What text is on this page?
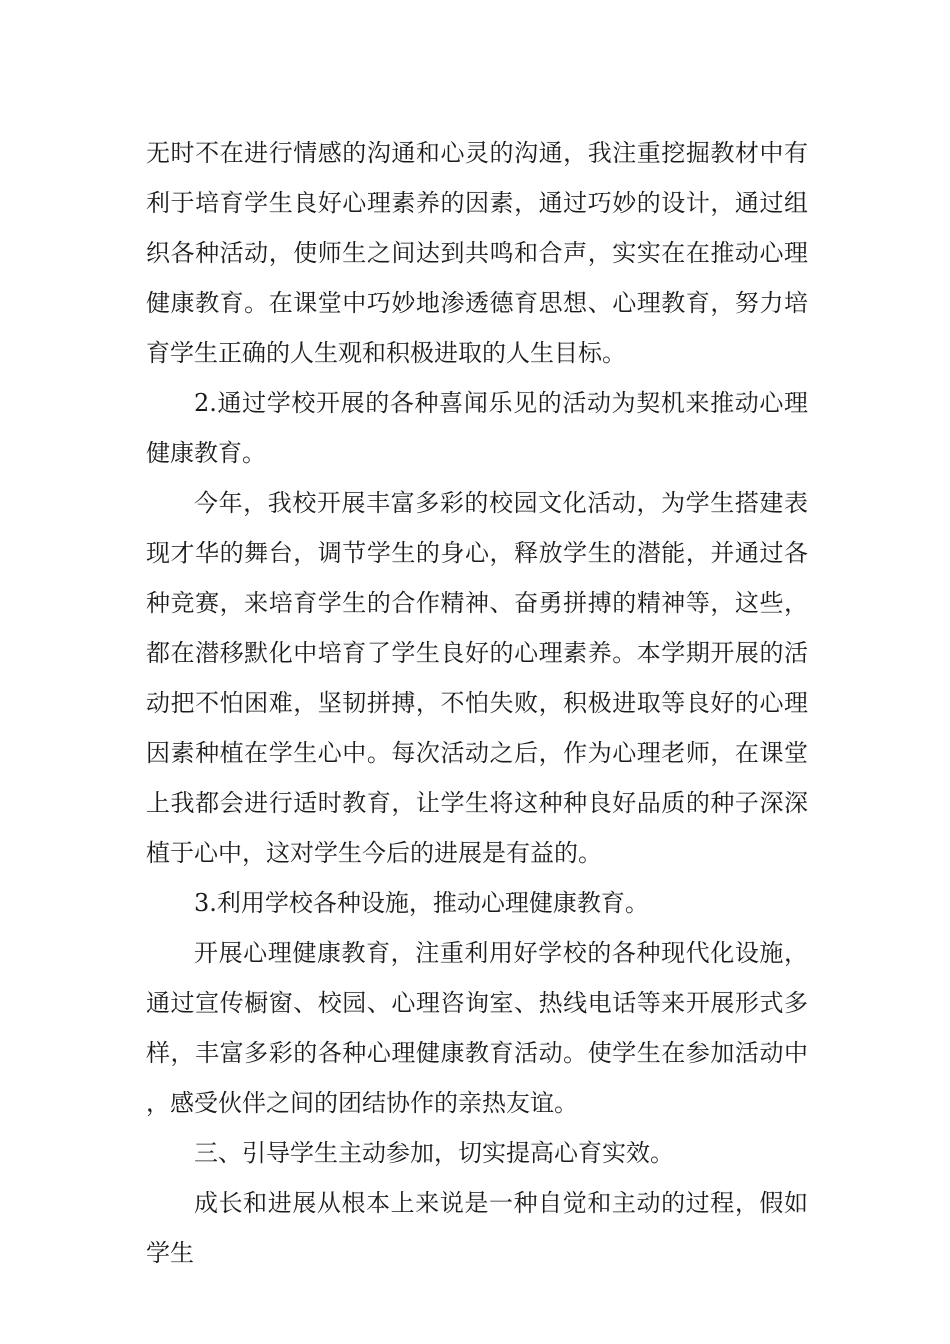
无时不在进行情感的沟通和心灵的沟通，我注重挖掘教材中有利于培育学生良好心理素养的因素，通过巧妙的设计，通过组织各种活动，使师生之间达到共鸣和合声，实实在在推动心理健康教育。在课堂中巧妙地渗透德育思想、心理教育，努力培育学生正确的人生观和积极进取的人生目标。

2.通过学校开展的各种喜闻乐见的活动为契机来推动心理健康教育。

今年，我校开展丰富多彩的校园文化活动，为学生搭建表现才华的舞台，调节学生的身心，释放学生的潜能，并通过各种竞赛，来培育学生的合作精神、奋勇拼搏的精神等，这些，都在潜移默化中培育了学生良好的心理素养。本学期开展的活动把不怕困难，坚韧拼搏，不怕失败，积极进取等良好的心理因素种植在学生心中。每次活动之后，作为心理老师，在课堂上我都会进行适时教育，让学生将这种种良好品质的种子深深植于心中，这对学生今后的进展是有益的。

3.利用学校各种设施，推动心理健康教育。

开展心理健康教育，注重利用好学校的各种现代化设施，通过宣传橱窗、校园、心理咨询室、热线电话等来开展形式多样，丰富多彩的各种心理健康教育活动。使学生在参加活动中，感受伙伴之间的团结协作的亲热友谊。

三、引导学生主动参加，切实提高心育实效。

成长和进展从根本上来说是一种自觉和主动的过程，假如学生
